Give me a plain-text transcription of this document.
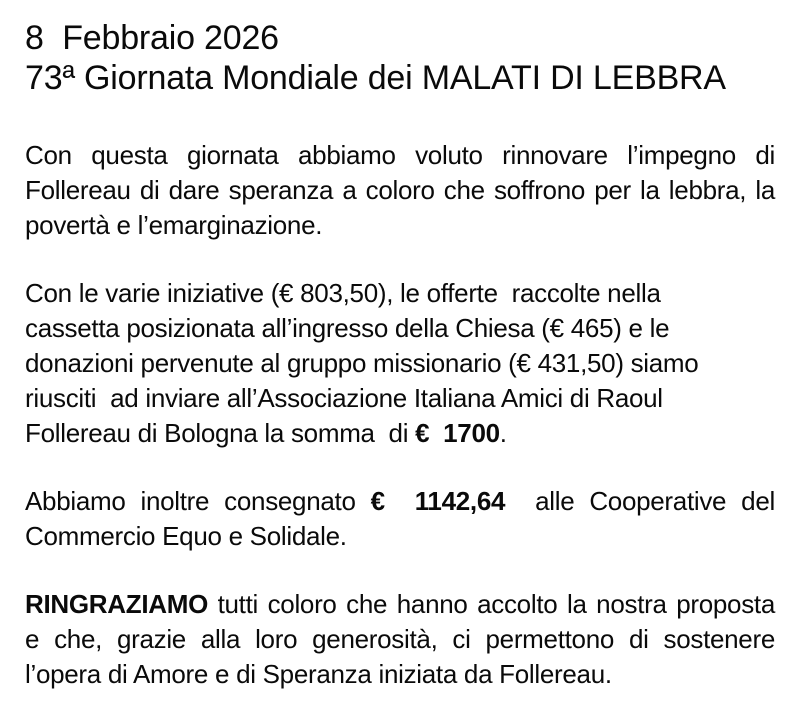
8  Febbraio 2026
73ª Giornata Mondiale dei MALATI DI LEBBRA
Con questa giornata abbiamo voluto rinnovare l’impegno di
Follereau di dare speranza a coloro che soffrono per la lebbra, la
povertà e l’emarginazione.
Con le varie iniziative (€ 803,50), le offerte  raccolte nella
cassetta posizionata all’ingresso della Chiesa (€ 465) e le
donazioni pervenute al gruppo missionario (€ 431,50) siamo
riusciti  ad inviare all’Associazione Italiana Amici di Raoul
Follereau di Bologna la somma  di €  1700.
Abbiamo inoltre consegnato €  1142,64  alle Cooperative del
Commercio Equo e Solidale.
RINGRAZIAMO tutti coloro che hanno accolto la nostra proposta
e che, grazie alla loro generosità, ci permettono di sostenere
l’opera di Amore e di Speranza iniziata da Follereau.
